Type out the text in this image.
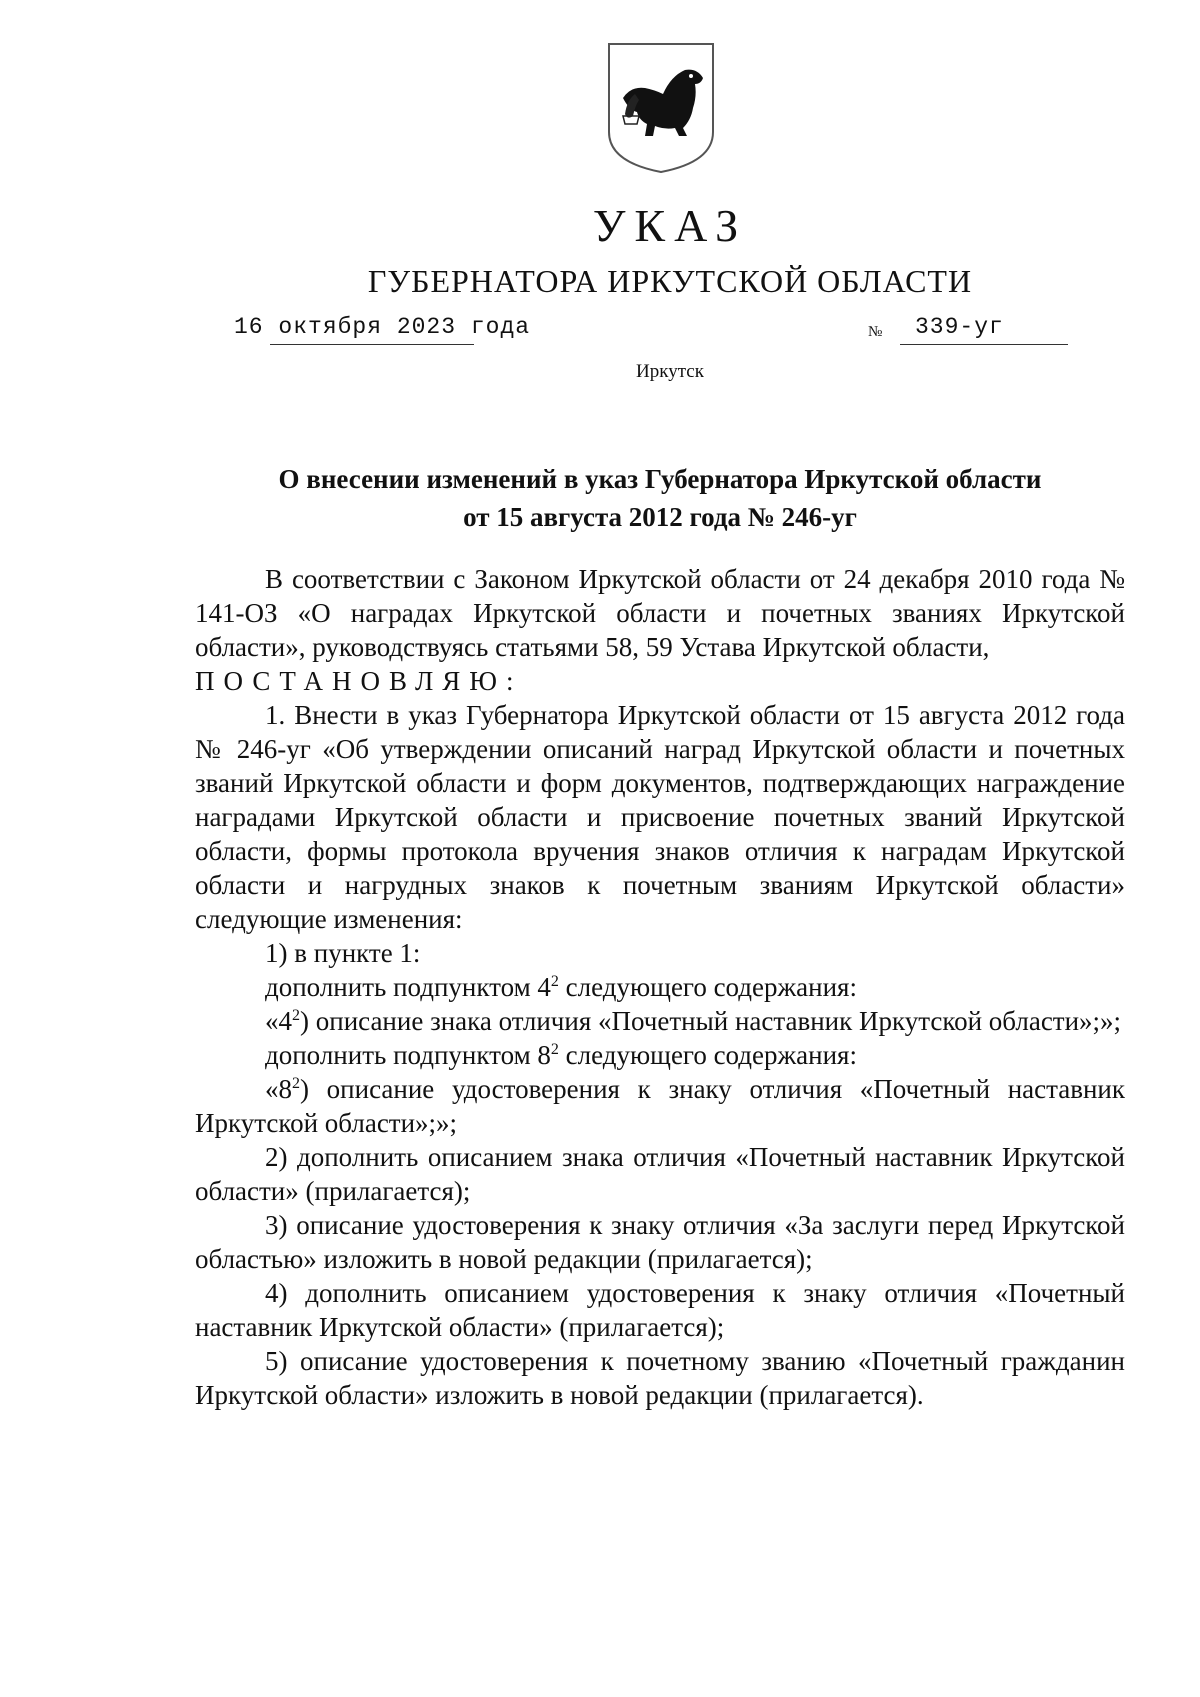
УКАЗ
ГУБЕРНАТОРА ИРКУТСКОЙ ОБЛАСТИ
16 октября 2023 года	№ 339-уг
Иркутск
О внесении изменений в указ Губернатора Иркутской области
от 15 августа 2012 года № 246-уг

В соответствии с Законом Иркутской области от 24 декабря 2010 года № 141-ОЗ «О наградах Иркутской области и почетных званиях Иркутской области», руководствуясь статьями 58, 59 Устава Иркутской области,

ПОСТАНОВЛЯЮ:

1. Внести в указ Губернатора Иркутской области от 15 августа 2012 года № 246-уг «Об утверждении описаний наград Иркутской области и почетных званий Иркутской области и форм документов, подтверждающих награждение наградами Иркутской области и присвоение почетных званий Иркутской области, формы протокола вручения знаков отличия к наградам Иркутской области и нагрудных знаков к почетным званиям Иркутской области» следующие изменения:

1) в пункте 1:

дополнить подпунктом $4^2$ следующего содержания:

«$4^2$) описание знака отличия «Почетный наставник Иркутской области»;»;

дополнить подпунктом $8^2$ следующего содержания:

«$8^2$) описание удостоверения к знаку отличия «Почетный наставник Иркутской области»;»;

2) дополнить описанием знака отличия «Почетный наставник Иркутской области» (прилагается);

3) описание удостоверения к знаку отличия «За заслуги перед Иркутской областью» изложить в новой редакции (прилагается);

4) дополнить описанием удостоверения к знаку отличия «Почетный наставник Иркутской области» (прилагается);

5) описание удостоверения к почетному званию «Почетный гражданин Иркутской области» изложить в новой редакции (прилагается).
